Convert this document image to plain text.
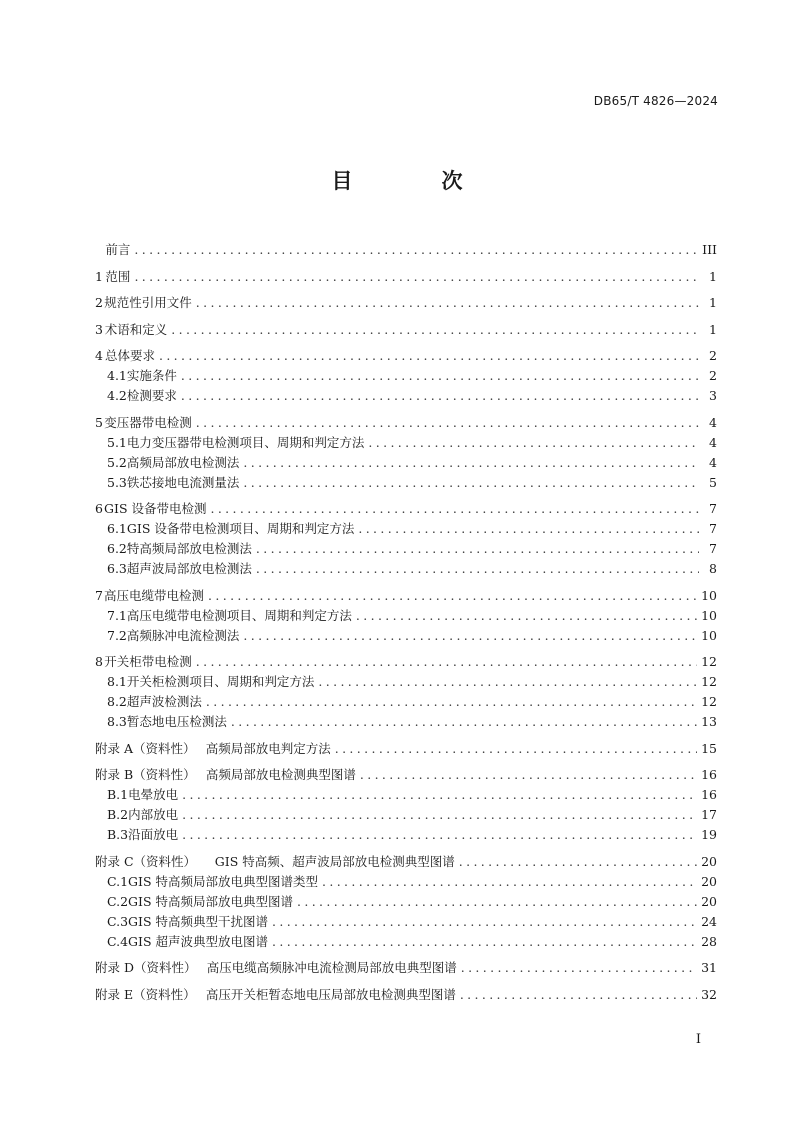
DB65/T 4826—2024
目　次
前言 . . .	III
1 范围 . . .	1
2 规范性引用文件 . . .	1
3 术语和定义 . . .	1
4 总体要求 . . .	2
4.1 实施条件 . . .	2
4.2 检测要求 . . .	3
5 变压器带电检测 . . .	4
5.1 电力变压器带电检测项目、周期和判定方法 . . .	4
5.2 高频局部放电检测法 . . .	4
5.3 铁芯接地电流测量法 . . .	5
6 GIS 设备带电检测 . . .	7
6.1 GIS 设备带电检测项目、周期和判定方法 . . .	7
6.2 特高频局部放电检测法 . . .	7
6.3 超声波局部放电检测法 . . .	8
7 高压电缆带电检测 . . .	10
7.1 高压电缆带电检测项目、周期和判定方法 . . .	10
7.2 高频脉冲电流检测法 . . .	10
8 开关柜带电检测 . . .	12
8.1 开关柜检测项目、周期和判定方法 . . .	12
8.2 超声波检测法 . . .	12
8.3 暂态地电压检测法 . . .	13
附录 A（资料性）　 高频局部放电判定方法 . . .	15
附录 B（资料性）　 高频局部放电检测典型图谱 . . .	16
B.1 电晕放电 . . .	16
B.2 内部放电 . . .	17
B.3 沿面放电 . . .	19
附录 C（资料性）　　GIS 特高频、超声波局部放电检测典型图谱 . . .	20
C.1 GIS 特高频局部放电典型图谱类型 . . .	20
C.2 GIS 特高频局部放电典型图谱 . . .	20
C.3 GIS 特高频典型干扰图谱 . . .	24
C.4 GIS 超声波典型放电图谱 . . .	28
附录 D（资料性）　 高压电缆高频脉冲电流检测局部放电典型图谱 . . .	31
附录 E（资料性）　 高压开关柜暂态地电压局部放电检测典型图谱 . . .	32
I
